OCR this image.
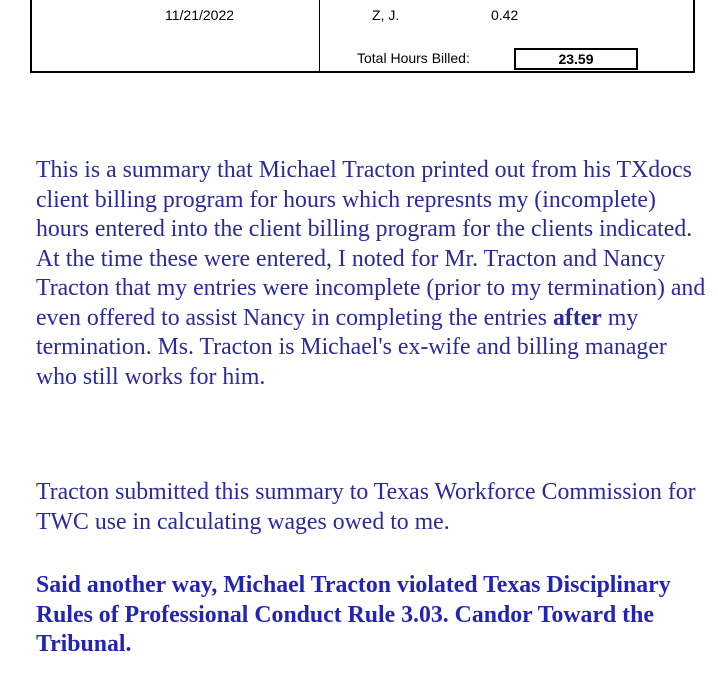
11/21/2022	Z, J.	0.42
Total Hours Billed:	23.59

This is a summary that Michael Tracton printed out from his TXdocs client billing program for hours which represnts my (incomplete) hours entered into the client billing program for the clients indicated. At the time these were entered, I noted for Mr. Tracton and Nancy Tracton that my entries were incomplete (prior to my termination) and even offered to assist Nancy in completing the entries after my termination. Ms. Tracton is Michael's ex-wife and billing manager who still works for him.

Tracton submitted this summary to Texas Workforce Commission for TWC use in calculating wages owed to me.

Said another way, Michael Tracton violated Texas Disciplinary Rules of Professional Conduct Rule 3.03. Candor Toward the Tribunal.
